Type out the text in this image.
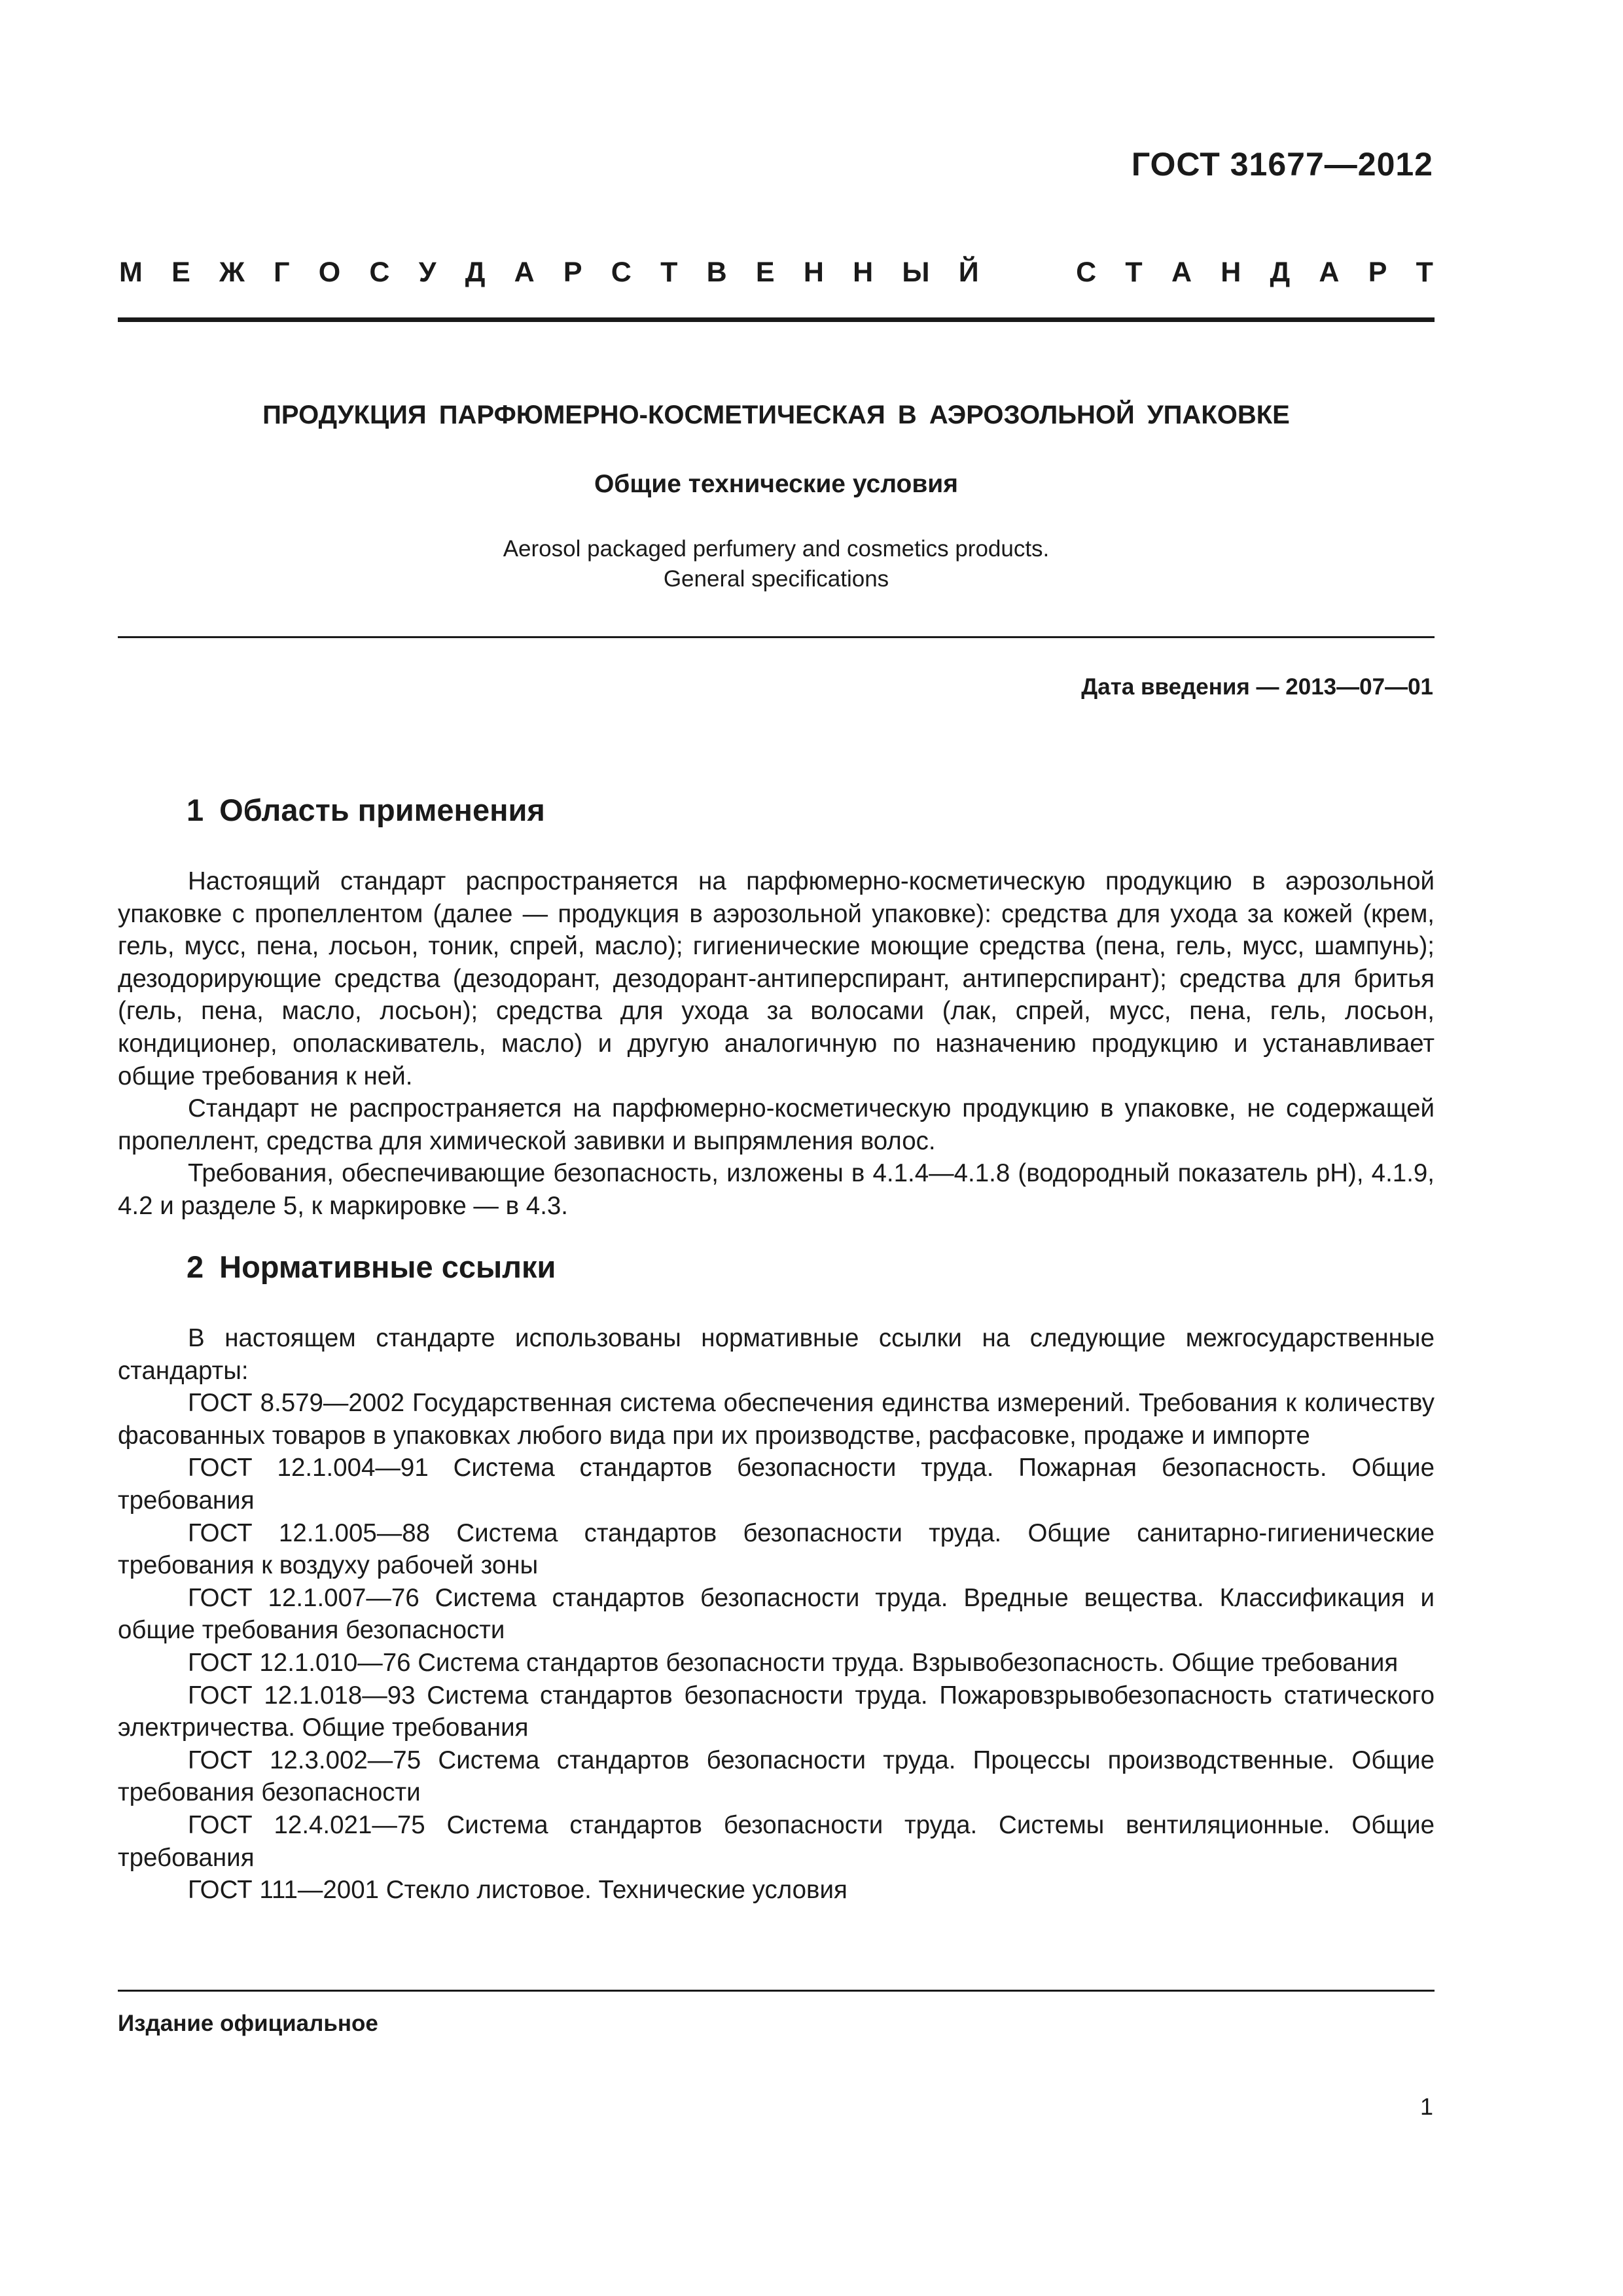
ГОСТ 31677—2012
М Е Ж Г О С У Д А Р С Т В Е Н Н Ы Й	С Т А Н Д А Р Т
ПРОДУКЦИЯ ПАРФЮМЕРНО-КОСМЕТИЧЕСКАЯ В АЭРОЗОЛЬНОЙ УПАКОВКЕ
Общие технические условия
Aerosol packaged perfumery and cosmetics products.
General specifications
Дата введения — 2013—07—01
1 Область применения

Настоящий стандарт распространяется на парфюмерно-косметическую продукцию в аэрозольной упаковке с пропеллентом (далее — продукция в аэрозольной упаковке): средства для ухода за кожей (крем, гель, мусс, пена, лосьон, тоник, спрей, масло); гигиенические моющие средства (пена, гель, мусс, шампунь); дезодорирующие средства (дезодорант, дезодорант-антиперспирант, антиперспирант); средства для бритья (гель, пена, масло, лосьон); средства для ухода за волосами (лак, спрей, мусс, пена, гель, лосьон, кондиционер, ополаскиватель, масло) и другую аналогичную по назначению продукцию и устанавливает общие требования к ней.

Стандарт не распространяется на парфюмерно-косметическую продукцию в упаковке, не содержащей пропеллент, средства для химической завивки и выпрямления волос.

Требования, обеспечивающие безопасность, изложены в 4.1.4—4.1.8 (водородный показатель pH), 4.1.9, 4.2 и разделе 5, к маркировке — в 4.3.

2 Нормативные ссылки

В настоящем стандарте использованы нормативные ссылки на следующие межгосударственные стандарты:

ГОСТ 8.579—2002 Государственная система обеспечения единства измерений. Требования к количеству фасованных товаров в упаковках любого вида при их производстве, расфасовке, продаже и импорте

ГОСТ 12.1.004—91 Система стандартов безопасности труда. Пожарная безопасность. Общие требования

ГОСТ 12.1.005—88 Система стандартов безопасности труда. Общие санитарно-гигиенические требования к воздуху рабочей зоны

ГОСТ 12.1.007—76 Система стандартов безопасности труда. Вредные вещества. Классификация и общие требования безопасности

ГОСТ 12.1.010—76 Система стандартов безопасности труда. Взрывобезопасность. Общие требования

ГОСТ 12.1.018—93 Система стандартов безопасности труда. Пожаровзрывобезопасность статического электричества. Общие требования

ГОСТ 12.3.002—75 Система стандартов безопасности труда. Процессы производственные. Общие требования безопасности

ГОСТ 12.4.021—75 Система стандартов безопасности труда. Системы вентиляционные. Общие требования

ГОСТ 111—2001 Стекло листовое. Технические условия

Издание официальное
1
